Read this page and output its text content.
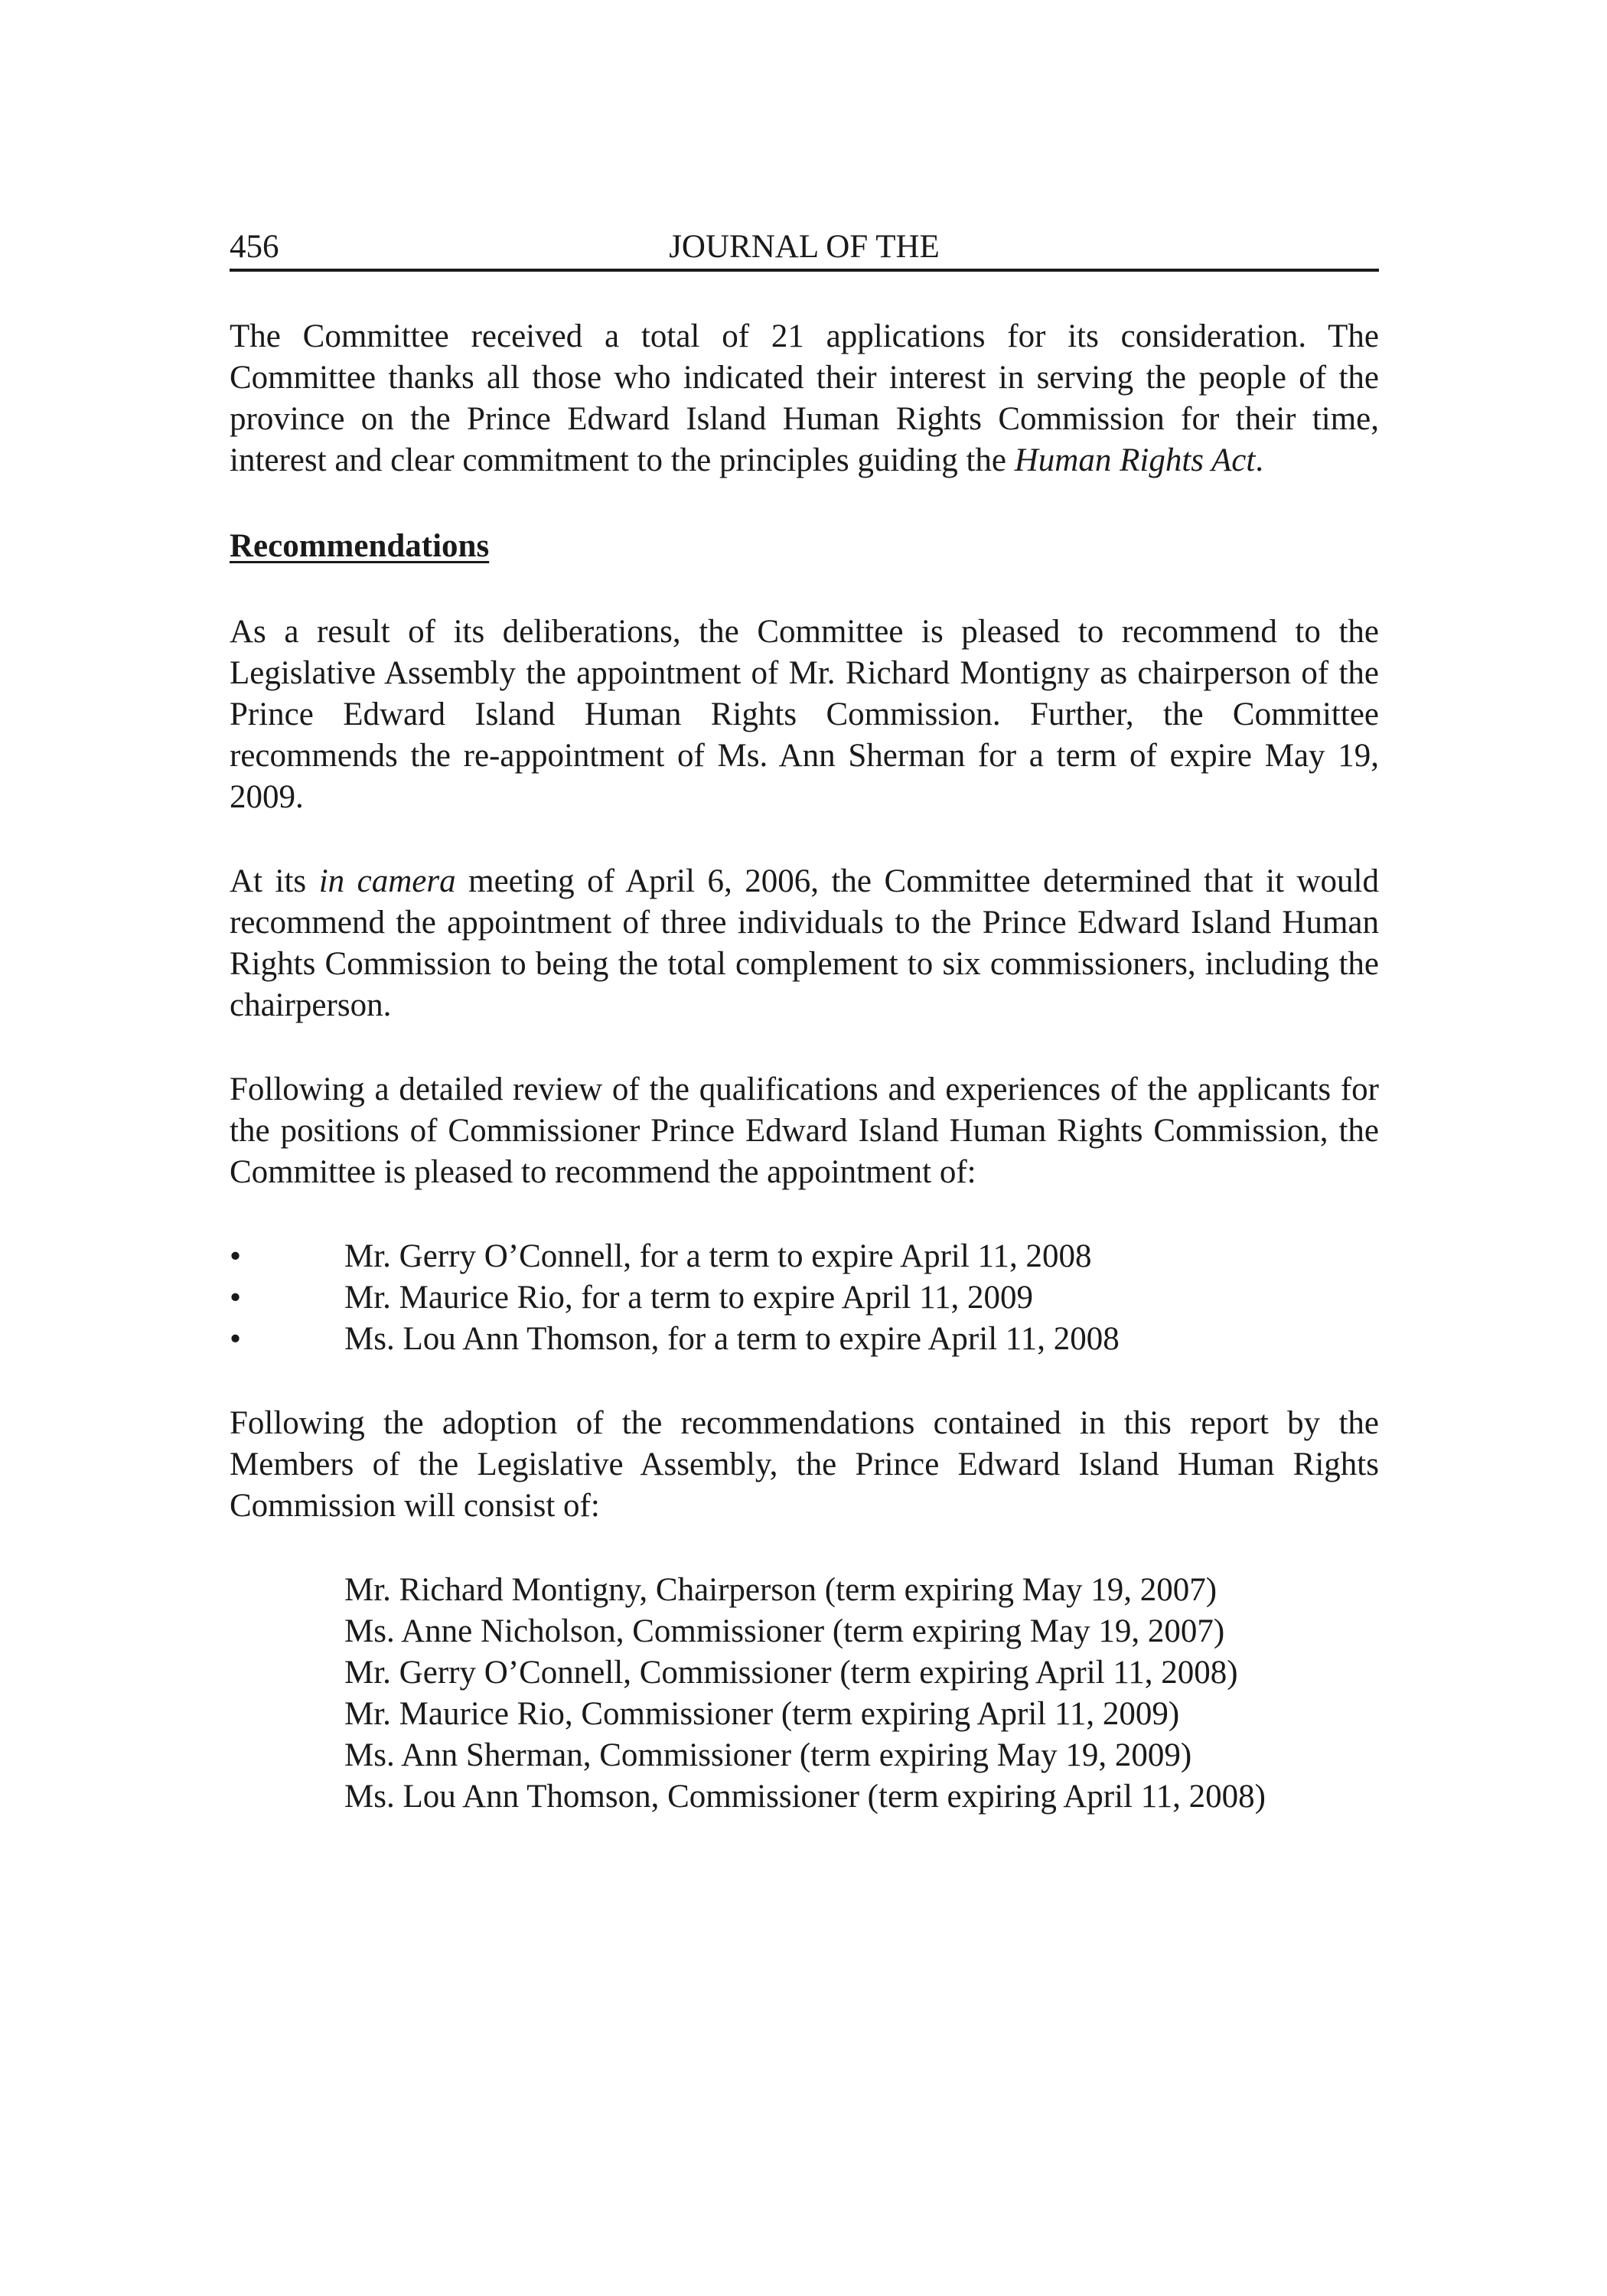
456	JOURNAL OF THE

The Committee received a total of 21 applications for its consideration. The Committee thanks all those who indicated their interest in serving the people of the province on the Prince Edward Island Human Rights Commission for their time, interest and clear commitment to the principles guiding the Human Rights Act.

Recommendations

As a result of its deliberations, the Committee is pleased to recommend to the Legislative Assembly the appointment of Mr. Richard Montigny as chairperson of the Prince Edward Island Human Rights Commission. Further, the Committee recommends the re-appointment of Ms. Ann Sherman for a term of expire May 19, 2009.

At its in camera meeting of April 6, 2006, the Committee determined that it would recommend the appointment of three individuals to the Prince Edward Island Human Rights Commission to being the total complement to six commissioners, including the chairperson.

Following a detailed review of the qualifications and experiences of the applicants for the positions of Commissioner Prince Edward Island Human Rights Commission, the Committee is pleased to recommend the appointment of:

•	Mr. Gerry O’Connell, for a term to expire April 11, 2008
•	Mr. Maurice Rio, for a term to expire April 11, 2009
•	Ms. Lou Ann Thomson, for a term to expire April 11, 2008

Following the adoption of the recommendations contained in this report by the Members of the Legislative Assembly, the Prince Edward Island Human Rights Commission will consist of:

Mr. Richard Montigny, Chairperson (term expiring May 19, 2007)
Ms. Anne Nicholson, Commissioner (term expiring May 19, 2007)
Mr. Gerry O’Connell, Commissioner (term expiring April 11, 2008)
Mr. Maurice Rio, Commissioner (term expiring April 11, 2009)
Ms. Ann Sherman, Commissioner (term expiring May 19, 2009)
Ms. Lou Ann Thomson, Commissioner (term expiring April 11, 2008)
